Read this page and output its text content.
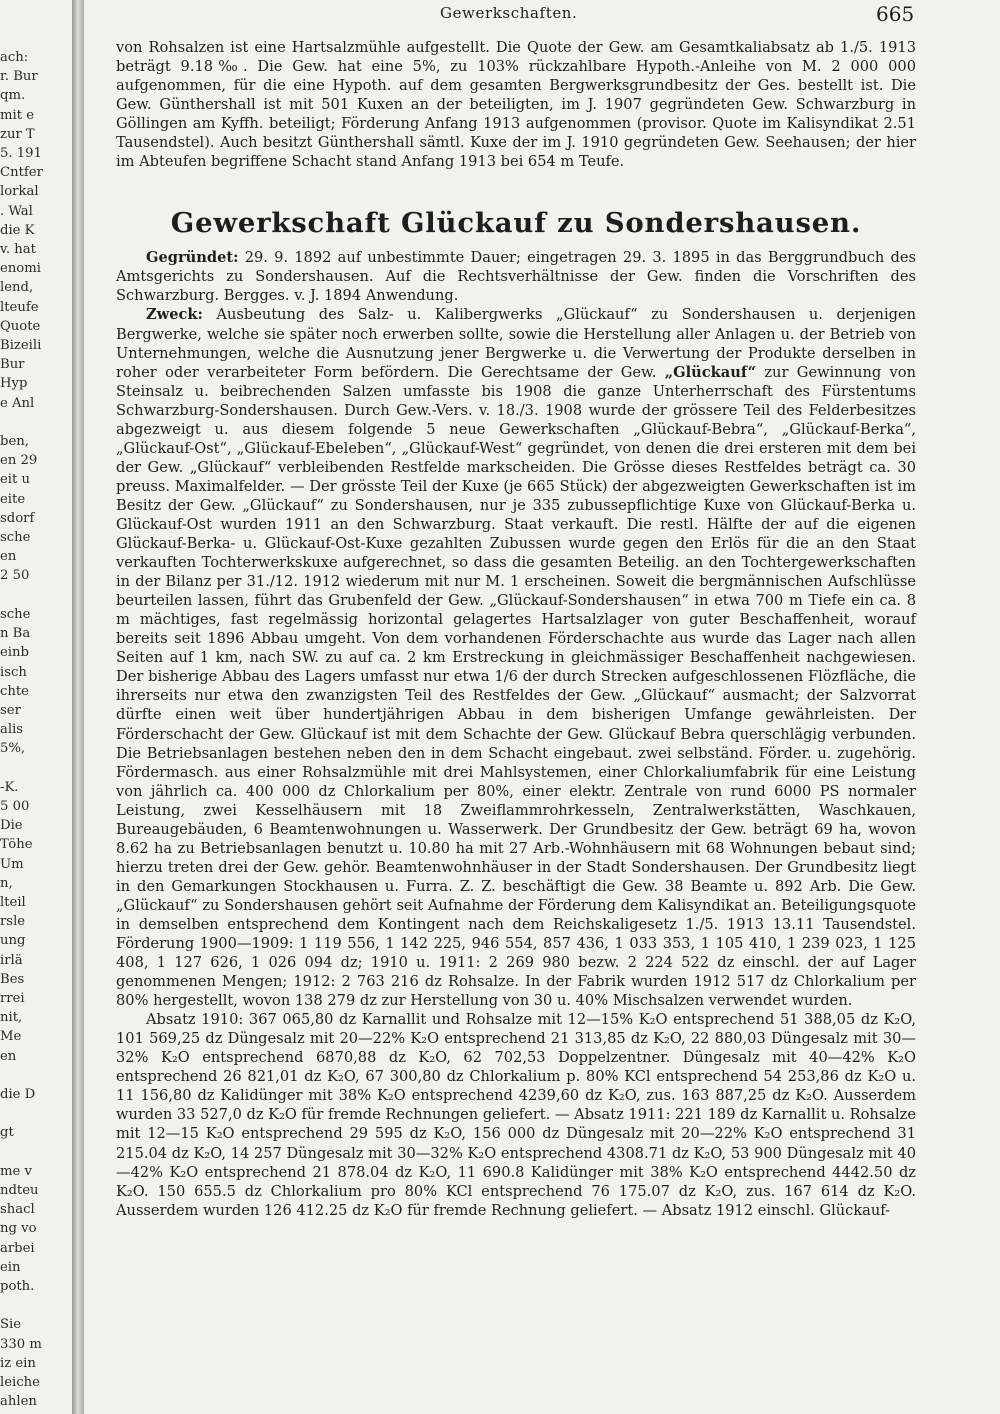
ach:
r. Bur
qm.
mit e
zur T
5. 191
Cntfer
lorkal
. Wal
die K
v. hat
enomi
lend,
lteufe
Quote
Bizeili
Bur
Hyp
e Anl

ben,
en 29
eit u
eite
sdorf
sche
en
2 50

sche
n Ba
einb
isch
chte
ser
alis
5%,

-K.
5 00
Die
Töhe
Um
n,
lteil
rsle
ung
irlä
Bes
rrei
nit,
Me
en

die D

gt

me v
ndteu
shacl
ng vo
arbei
ein
poth.

Sie
330 m
iz ein
leiche
ahlen
Gewerkschaften.	665

von Rohsalzen ist eine Hartsalzmühle aufgestellt. Die Quote der Gew. am Gesamtkaliabsatz ab 1./5. 1913 beträgt 9.18‰. Die Gew. hat eine 5%, zu 103% rückzahlbare Hypoth.-Anleihe von M. 2 000 000 aufgenommen, für die eine Hypoth. auf dem gesamten Bergwerksgrundbesitz der Ges. bestellt ist. Die Gew. Günthershall ist mit 501 Kuxen an der beteiligten, im J. 1907 gegründeten Gew. Schwarzburg in Göllingen am Kyffh. beteiligt; Förderung Anfang 1913 aufgenommen (provisor. Quote im Kalisyndikat 2.51 Tausendstel). Auch besitzt Günthershall sämtl. Kuxe der im J. 1910 gegründeten Gew. Seehausen; der hier im Abteufen begriffene Schacht stand Anfang 1913 bei 654 m Teufe.

Gewerkschaft Glückauf zu Sondershausen.

Gegründet: 29. 9. 1892 auf unbestimmte Dauer; eingetragen 29. 3. 1895 in das Berggrundbuch des Amtsgerichts zu Sondershausen. Auf die Rechtsverhältnisse der Gew. finden die Vorschriften des Schwarzburg. Bergges. v. J. 1894 Anwendung.

Zweck: Ausbeutung des Salz- u. Kalibergwerks „Glückauf“ zu Sondershausen u. derjenigen Bergwerke, welche sie später noch erwerben sollte, sowie die Herstellung aller Anlagen u. der Betrieb von Unternehmungen, welche die Ausnutzung jener Bergwerke u. die Verwertung der Produkte derselben in roher oder verarbeiteter Form befördern. Die Gerechtsame der Gew. „Glückauf“ zur Gewinnung von Steinsalz u. beibrechenden Salzen umfasste bis 1908 die ganze Unterherrschaft des Fürstentums Schwarzburg-Sondershausen. Durch Gew.-Vers. v. 18./3. 1908 wurde der grössere Teil des Felderbesitzes abgezweigt u. aus diesem folgende 5 neue Gewerkschaften „Glückauf-Bebra“, „Glückauf-Berka“, „Glückauf-Ost“, „Glückauf-Ebeleben“, „Glückauf-West“ gegründet, von denen die drei ersteren mit dem bei der Gew. „Glückauf“ verbleibenden Restfelde markscheiden. Die Grösse dieses Restfeldes beträgt ca. 30 preuss. Maximalfelder. — Der grösste Teil der Kuxe (je 665 Stück) der abgezweigten Gewerkschaften ist im Besitz der Gew. „Glückauf“ zu Sondershausen, nur je 335 zubussepflichtige Kuxe von Glückauf-Berka u. Glückauf-Ost wurden 1911 an den Schwarzburg. Staat verkauft. Die restl. Hälfte der auf die eigenen Glückauf-Berka- u. Glückauf-Ost-Kuxe gezahlten Zubussen wurde gegen den Erlös für die an den Staat verkauften Tochterwerkskuxe aufgerechnet, so dass die gesamten Beteilig. an den Tochtergewerkschaften in der Bilanz per 31./12. 1912 wiederum mit nur M. 1 erscheinen. Soweit die bergmännischen Aufschlüsse beurteilen lassen, führt das Grubenfeld der Gew. „Glückauf-Sondershausen“ in etwa 700 m Tiefe ein ca. 8 m mächtiges, fast regelmässig horizontal gelagertes Hartsalzlager von guter Beschaffenheit, worauf bereits seit 1896 Abbau umgeht. Von dem vorhandenen Förderschachte aus wurde das Lager nach allen Seiten auf 1 km, nach SW. zu auf ca. 2 km Erstreckung in gleichmässiger Beschaffenheit nachgewiesen. Der bisherige Abbau des Lagers umfasst nur etwa 1/6 der durch Strecken aufgeschlossenen Flözfläche, die ihrerseits nur etwa den zwanzigsten Teil des Restfeldes der Gew. „Glückauf“ ausmacht; der Salzvorrat dürfte einen weit über hundertjährigen Abbau in dem bisherigen Umfange gewährleisten. Der Förderschacht der Gew. Glückauf ist mit dem Schachte der Gew. Glückauf Bebra querschlägig verbunden. Die Betriebsanlagen bestehen neben den in dem Schacht eingebaut. zwei selbständ. Förder. u. zugehörig. Fördermasch. aus einer Rohsalzmühle mit drei Mahlsystemen, einer Chlorkaliumfabrik für eine Leistung von jährlich ca. 400 000 dz Chlorkalium per 80%, einer elektr. Zentrale von rund 6000 PS normaler Leistung, zwei Kesselhäusern mit 18 Zweiflammrohrkesseln, Zentralwerkstätten, Waschkauen, Bureaugebäuden, 6 Beamtenwohnungen u. Wasserwerk. Der Grundbesitz der Gew. beträgt 69 ha, wovon 8.62 ha zu Betriebsanlagen benutzt u. 10.80 ha mit 27 Arb.-Wohnhäusern mit 68 Wohnungen bebaut sind; hierzu treten drei der Gew. gehör. Beamtenwohnhäuser in der Stadt Sondershausen. Der Grundbesitz liegt in den Gemarkungen Stockhausen u. Furra. Z. Z. beschäftigt die Gew. 38 Beamte u. 892 Arb. Die Gew. „Glückauf“ zu Sondershausen gehört seit Aufnahme der Förderung dem Kalisyndikat an. Beteiligungsquote in demselben entsprechend dem Kontingent nach dem Reichskaligesetz 1./5. 1913 13.11 Tausendstel. Förderung 1900—1909: 1 119 556, 1 142 225, 946 554, 857 436, 1 033 353, 1 105 410, 1 239 023, 1 125 408, 1 127 626, 1 026 094 dz; 1910 u. 1911: 2 269 980 bezw. 2 224 522 dz einschl. der auf Lager genommenen Mengen; 1912: 2 763 216 dz Rohsalze. In der Fabrik wurden 1912 517 dz Chlorkalium per 80% hergestellt, wovon 138 279 dz zur Herstellung von 30 u. 40% Mischsalzen verwendet wurden.

Absatz 1910: 367 065,80 dz Karnallit und Rohsalze mit 12—15% K₂O entsprechend 51 388,05 dz K₂O, 101 569,25 dz Düngesalz mit 20—22% K₂O entsprechend 21 313,85 dz K₂O, 22 880,03 Düngesalz mit 30—32% K₂O entsprechend 6870,88 dz K₂O, 62 702,53 Doppelzentner. Düngesalz mit 40—42% K₂O entsprechend 26 821,01 dz K₂O, 67 300,80 dz Chlorkalium p. 80% KCl entsprechend 54 253,86 dz K₂O u. 11 156,80 dz Kalidünger mit 38% K₂O entsprechend 4239,60 dz K₂O, zus. 163 887,25 dz K₂O. Ausserdem wurden 33 527,0 dz K₂O für fremde Rechnungen geliefert. — Absatz 1911: 221 189 dz Karnallit u. Rohsalze mit 12—15 K₂O entsprechend 29 595 dz K₂O, 156 000 dz Düngesalz mit 20—22% K₂O entsprechend 31 215.04 dz K₂O, 14 257 Düngesalz mit 30—32% K₂O entsprechend 4308.71 dz K₂O, 53 900 Düngesalz mit 40—42% K₂O entsprechend 21 878.04 dz K₂O, 11 690.8 Kalidünger mit 38% K₂O entsprechend 4442.50 dz K₂O. 150 655.5 dz Chlorkalium pro 80% KCl entsprechend 76 175.07 dz K₂O, zus. 167 614 dz K₂O. Ausserdem wurden 126 412.25 dz K₂O für fremde Rechnung geliefert. — Absatz 1912 einschl. Glückauf-
